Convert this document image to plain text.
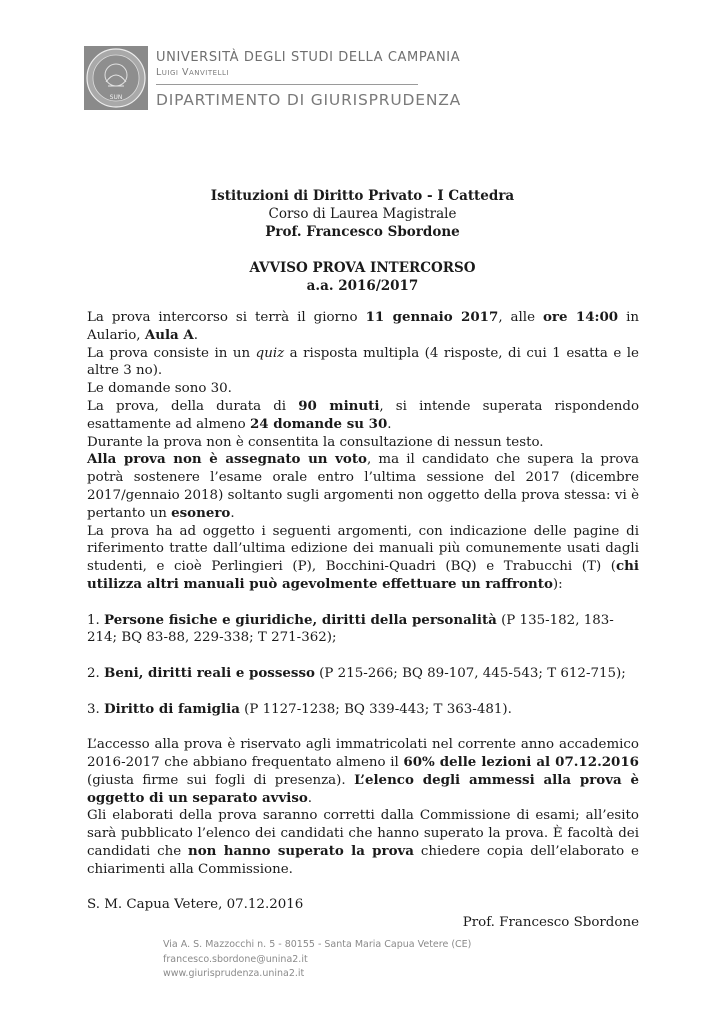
SUN
UNIVERSITÀ DEGLI STUDI DELLA CAMPANIA
Luigi Vanvitelli
DIPARTIMENTO DI GIURISPRUDENZA
Istituzioni di Diritto Privato - I Cattedra
Corso di Laurea Magistrale
Prof. Francesco Sbordone
AVVISO PROVA INTERCORSO
a.a. 2016/2017

La prova intercorso si terrà il giorno 11 gennaio 2017, alle ore 14:00 in Aulario, Aula A.

La prova consiste in un quiz a risposta multipla (4 risposte, di cui 1 esatta e le altre 3 no).

Le domande sono 30.

La prova, della durata di 90 minuti, si intende superata rispondendo esattamente ad almeno 24 domande su 30.

Durante la prova non è consentita la consultazione di nessun testo.

Alla prova non è assegnato un voto, ma il candidato che supera la prova potrà sostenere l’esame orale entro l’ultima sessione del 2017 (dicembre 2017/gennaio 2018) soltanto sugli argomenti non oggetto della prova stessa: vi è pertanto un esonero.

La prova ha ad oggetto i seguenti argomenti, con indicazione delle pagine di riferimento tratte dall’ultima edizione dei manuali più comunemente usati dagli studenti, e cioè Perlingieri (P), Bocchini-Quadri (BQ) e Trabucchi (T) (chi utilizza altri manuali può agevolmente effettuare un raffronto):

1. Persone fisiche e giuridiche, diritti della personalità (P 135-182, 183-214; BQ 83-88, 229-338; T 271-362);

2. Beni, diritti reali e possesso (P 215-266; BQ 89-107, 445-543; T 612-715);

3. Diritto di famiglia (P 1127-1238; BQ 339-443; T 363-481).

L’accesso alla prova è riservato agli immatricolati nel corrente anno accademico 2016-2017 che abbiano frequentato almeno il 60% delle lezioni al 07.12.2016 (giusta firme sui fogli di presenza). L’elenco degli ammessi alla prova è oggetto di un separato avviso.

Gli elaborati della prova saranno corretti dalla Commissione di esami; all’esito sarà pubblicato l’elenco dei candidati che hanno superato la prova. È facoltà dei candidati che non hanno superato la prova chiedere copia dell’elaborato e chiarimenti alla Commissione.

S. M. Capua Vetere, 07.12.2016

Prof. Francesco Sbordone

Via A. S. Mazzocchi n. 5 - 80155 - Santa Maria Capua Vetere (CE)
francesco.sbordone@unina2.it
www.giurisprudenza.unina2.it
